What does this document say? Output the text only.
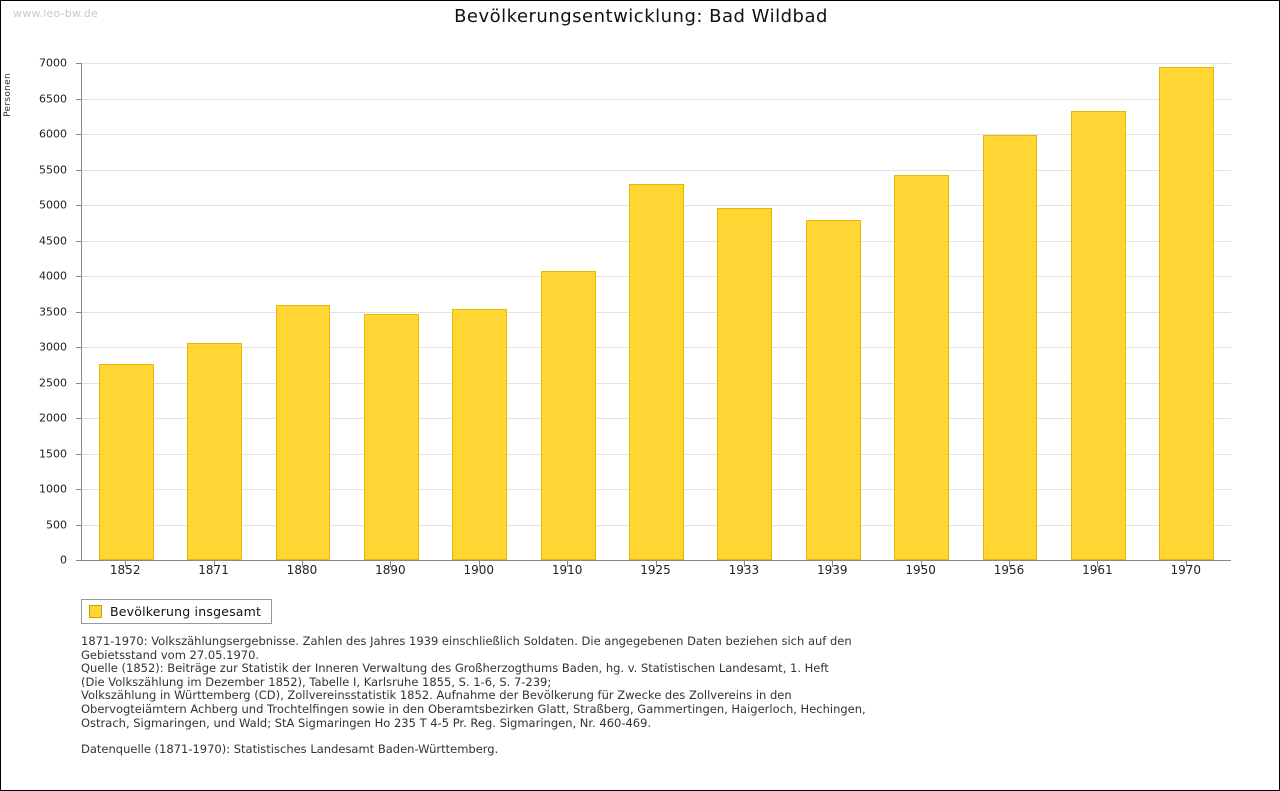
www.leo-bw.de	Bevölkerungsentwicklung: Bad Wildbad
Personen
0
500
1000
1500
2000
2500
3000
3500
4000
4500
5000
5500
6000
6500
7000
1852	1871	1880	1890	1900	1910	1925	1933	1939	1950	1956	1961	1970
Bevölkerung insgesamt

1871-1970: Volkszählungsergebnisse. Zahlen des Jahres 1939 einschließlich Soldaten. Die angegebenen Daten beziehen sich auf den

Gebietsstand vom 27.05.1970.

Quelle (1852): Beiträge zur Statistik der Inneren Verwaltung des Großherzogthums Baden, hg. v. Statistischen Landesamt, 1. Heft

(Die Volkszählung im Dezember 1852), Tabelle I, Karlsruhe 1855, S. 1-6, S. 7-239;

Volkszählung in Württemberg (CD), Zollvereinsstatistik 1852. Aufnahme der Bevölkerung für Zwecke des Zollvereins in den

Obervogteiämtern Achberg und Trochtelfingen sowie in den Oberamtsbezirken Glatt, Straßberg, Gammertingen, Haigerloch, Hechingen,

Ostrach, Sigmaringen, und Wald; StA Sigmaringen Ho 235 T 4-5 Pr. Reg. Sigmaringen, Nr. 460-469.

Datenquelle (1871-1970): Statistisches Landesamt Baden-Württemberg.
